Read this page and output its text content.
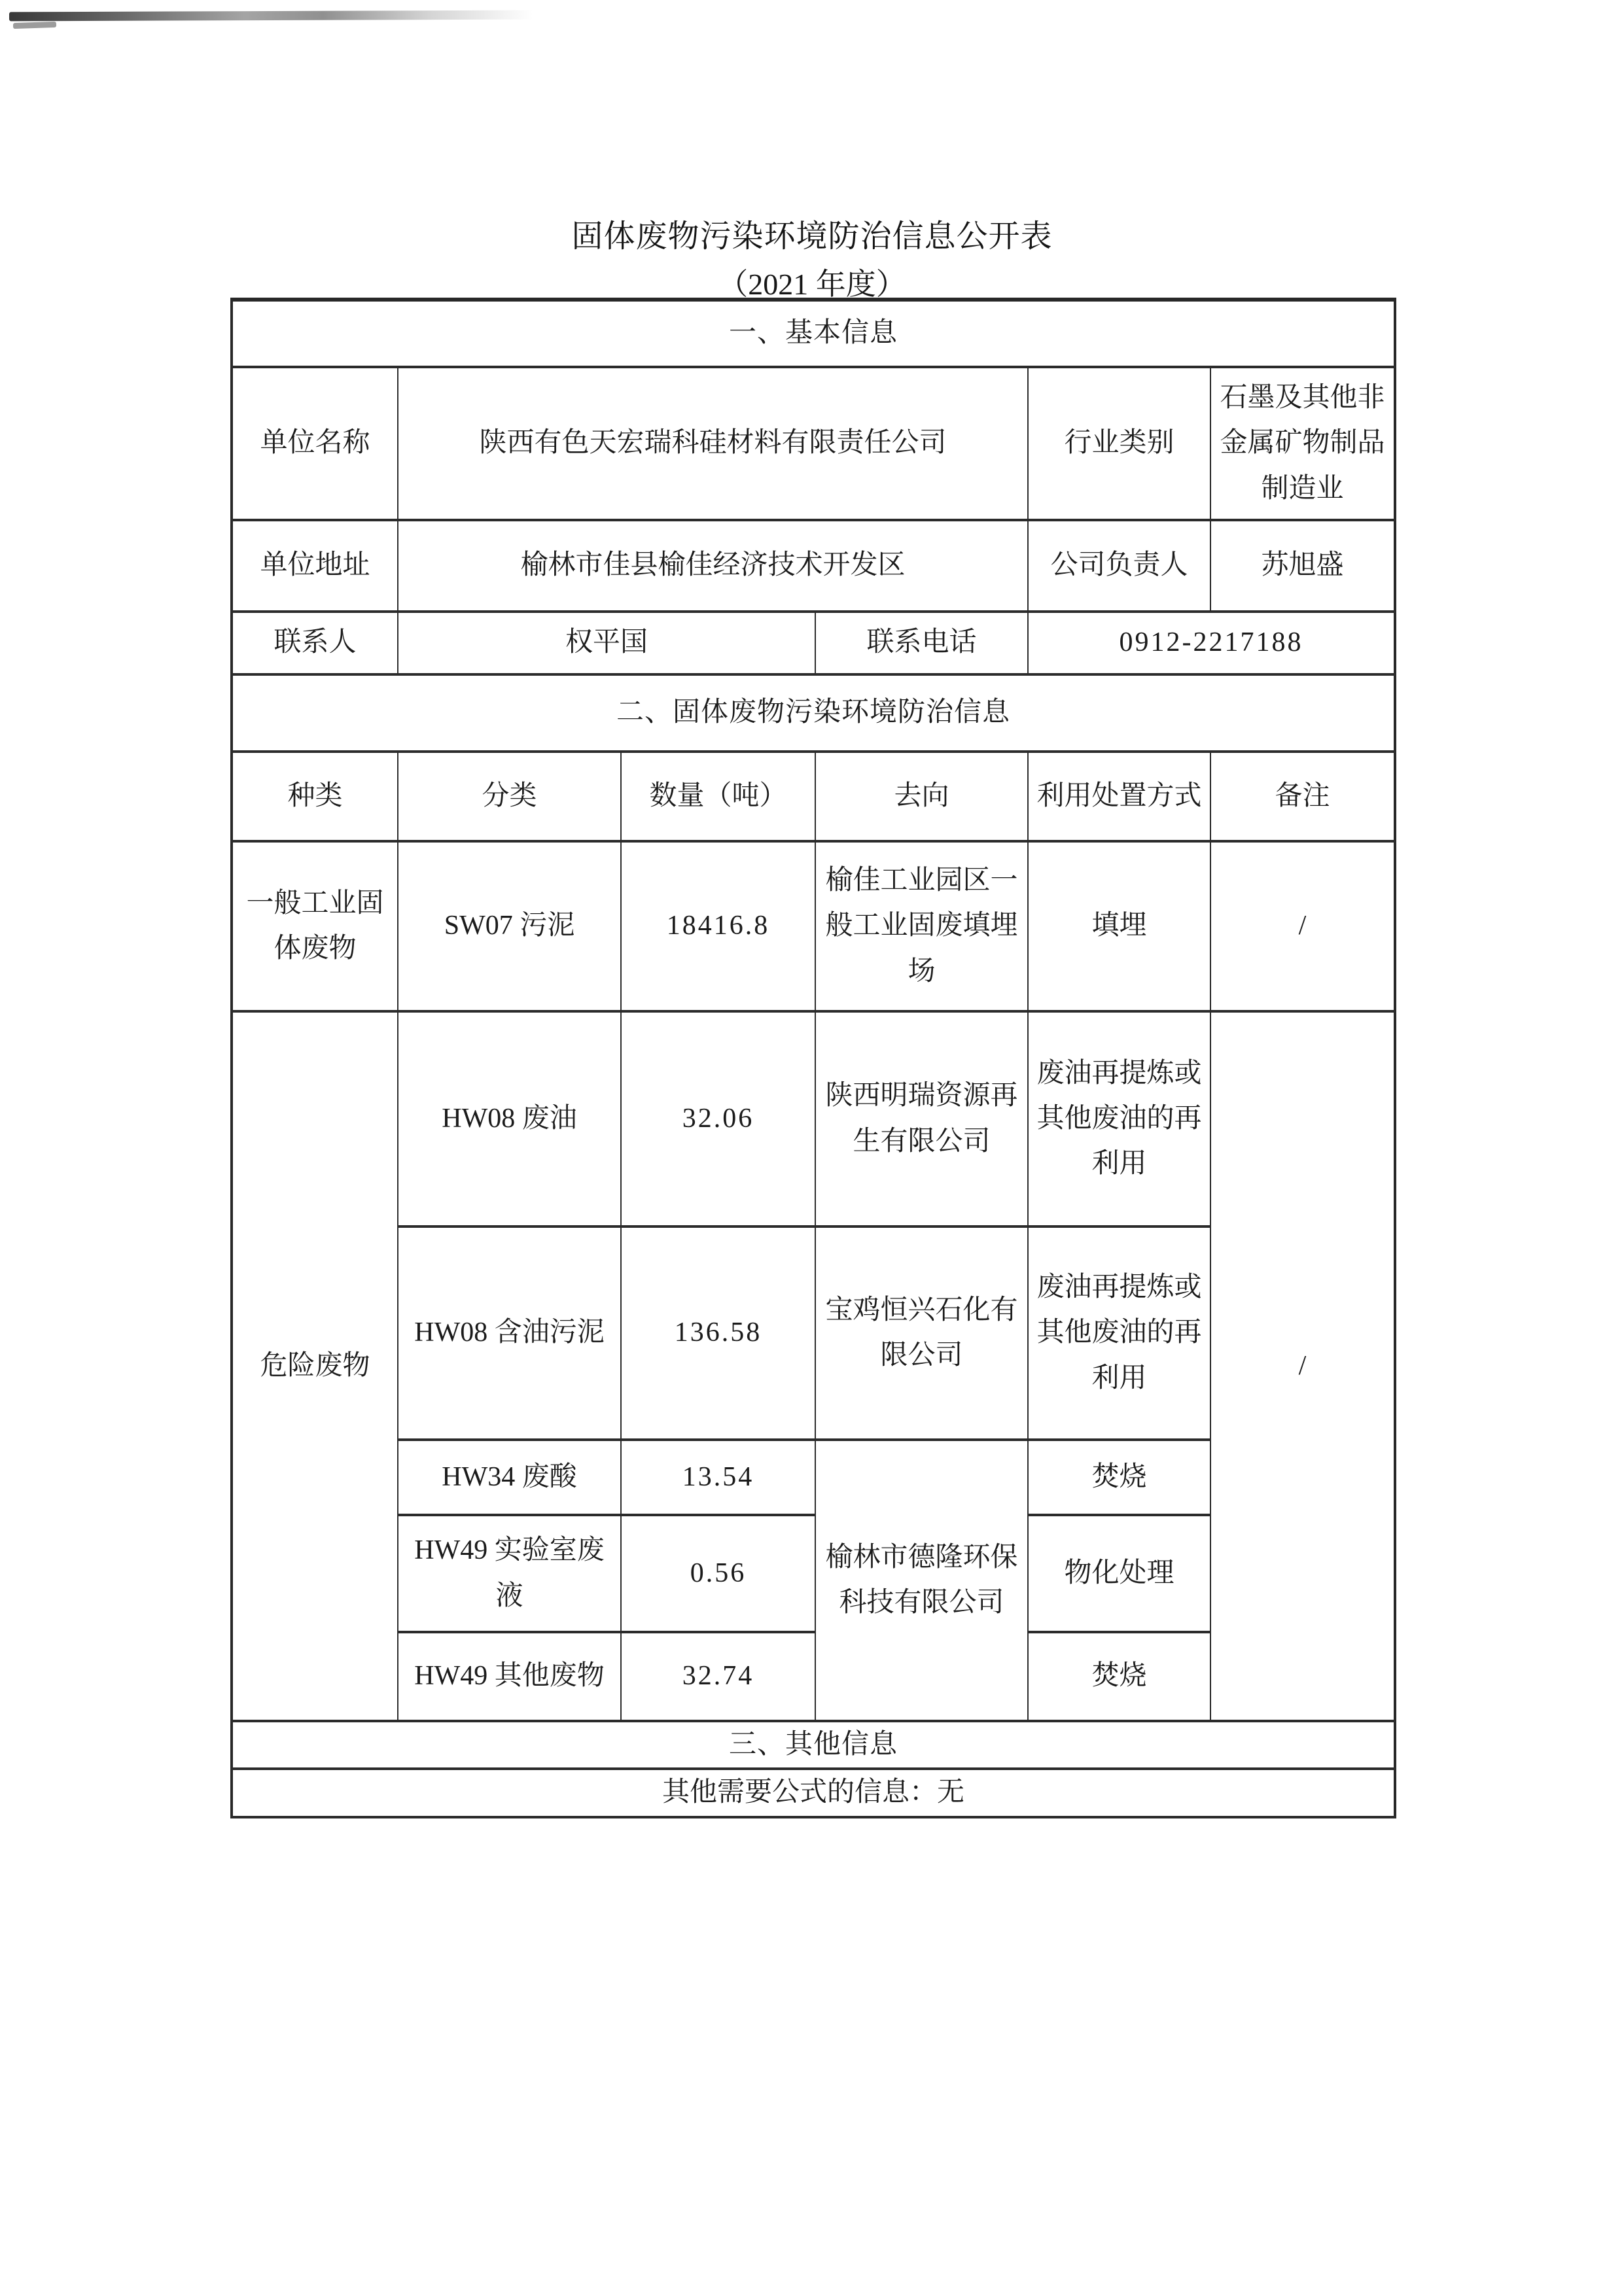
固体废物污染环境防治信息公开表
（2021 年度）
一、基本信息					
单位名称	陕西有色天宏瑞科硅材料有限责任公司			行业类别	石墨及其他非金属矿物制品制造业
单位地址	榆林市佳县榆佳经济技术开发区			公司负责人	苏旭盛
联系人	权平国		联系电话	0912-2217188	
二、固体废物污染环境防治信息					
种类	分类	数量（吨）	去向	利用处置方式	备注
一般工业固体废物	SW07 污泥	18416.8	榆佳工业园区一般工业固废填埋场	填埋	/
危险废物	HW08 废油	32.06	陕西明瑞资源再生有限公司	废油再提炼或其他废油的再利用	/
	HW08 含油污泥	136.58	宝鸡恒兴石化有限公司	废油再提炼或其他废油的再利用	
	HW34 废酸	13.54	榆林市德隆环保科技有限公司	焚烧	
	HW49 实验室废液	0.56		物化处理	
	HW49 其他废物	32.74		焚烧	
三、其他信息					
其他需要公式的信息：无					
